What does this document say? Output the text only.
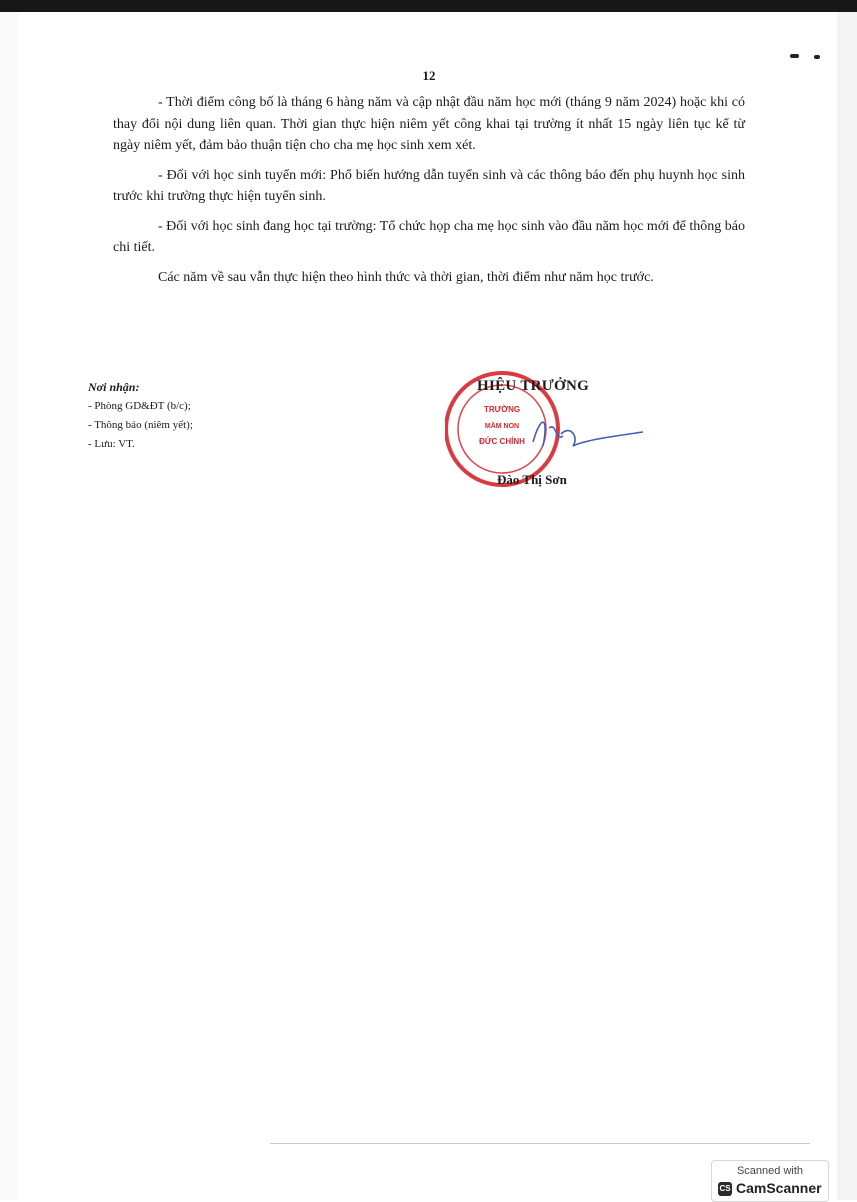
12

- Thời điểm công bố là tháng 6 hàng năm và cập nhật đầu năm học mới (tháng 9 năm 2024) hoặc khi có thay đổi nội dung liên quan. Thời gian thực hiện niêm yết công khai tại trường ít nhất 15 ngày liên tục kể từ ngày niêm yết, đảm bảo thuận tiện cho cha mẹ học sinh xem xét.

- Đối với học sinh tuyển mới: Phổ biến hướng dẫn tuyển sinh và các thông báo đến phụ huynh học sinh trước khi trường thực hiện tuyển sinh.

- Đối với học sinh đang học tại trường: Tổ chức họp cha mẹ học sinh vào đầu năm học mới để thông báo chi tiết.

Các năm về sau vẫn thực hiện theo hình thức và thời gian, thời điểm như năm học trước.

Nơi nhận:
- Phòng GD&ĐT (b/c);
- Thông báo (niêm yết);
- Lưu: VT.
TRƯỜNG
MẦM NON
ĐỨC CHÍNH
HIỆU TRƯỞNG
Đào Thị Sơn
Scanned with
CS CamScanner
